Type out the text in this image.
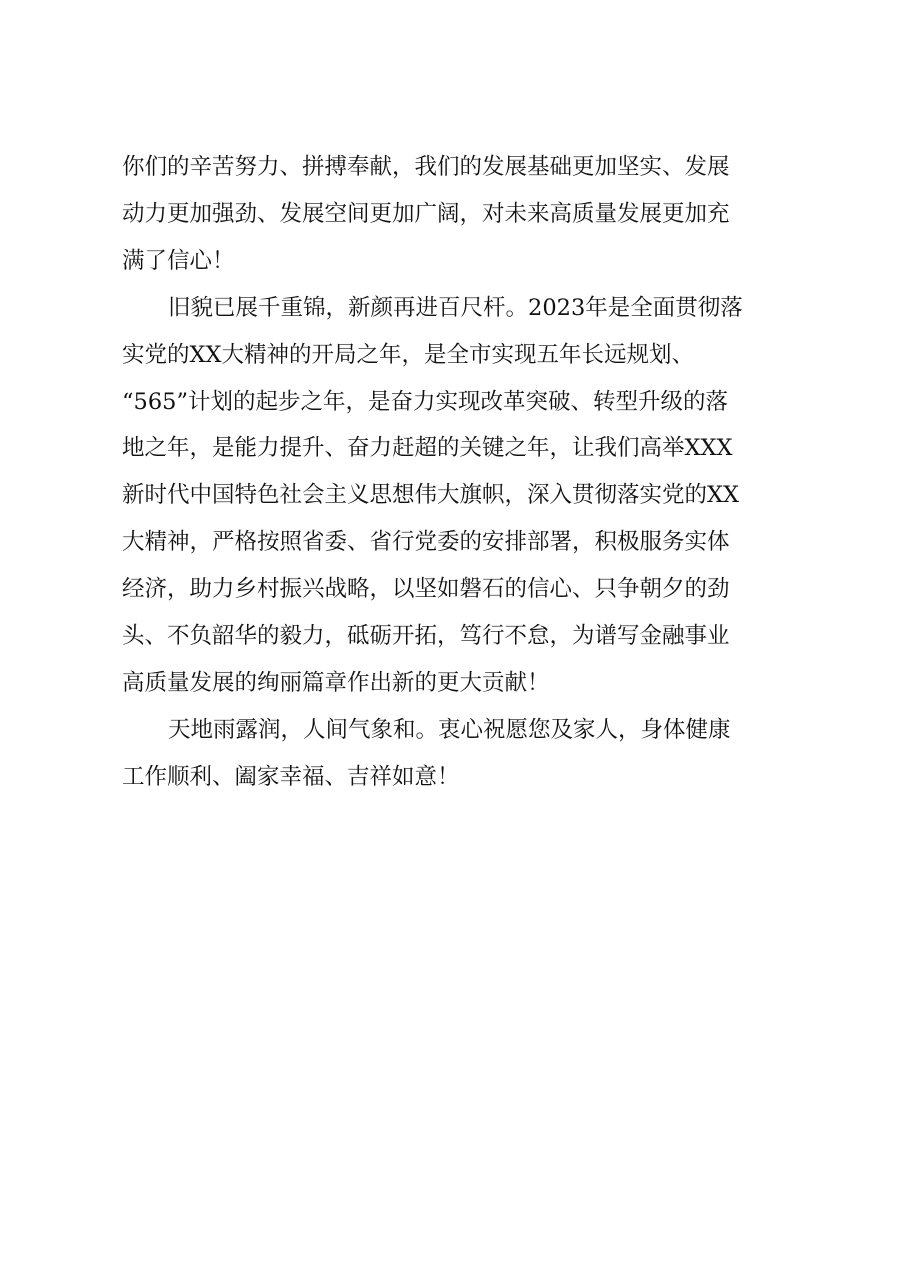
你们的辛苦努力、拼搏奉献，我们的发展基础更加坚实、发展
动力更加强劲、发展空间更加广阔，对未来高质量发展更加充
满了信心！

旧貌已展千重锦，新颜再进百尺杆。2023年是全面贯彻落
实党的XX大精神的开局之年，是全市实现五年长远规划、
“565”计划的起步之年，是奋力实现改革突破、转型升级的落
地之年，是能力提升、奋力赶超的关键之年，让我们高举XXX
新时代中国特色社会主义思想伟大旗帜，深入贯彻落实党的XX
大精神，严格按照省委、省行党委的安排部署，积极服务实体
经济，助力乡村振兴战略，以坚如磐石的信心、只争朝夕的劲
头、不负韶华的毅力，砥砺开拓，笃行不怠，为谱写金融事业
高质量发展的绚丽篇章作出新的更大贡献！

天地雨露润，人间气象和。衷心祝愿您及家人，身体健康
工作顺利、阖家幸福、吉祥如意！
